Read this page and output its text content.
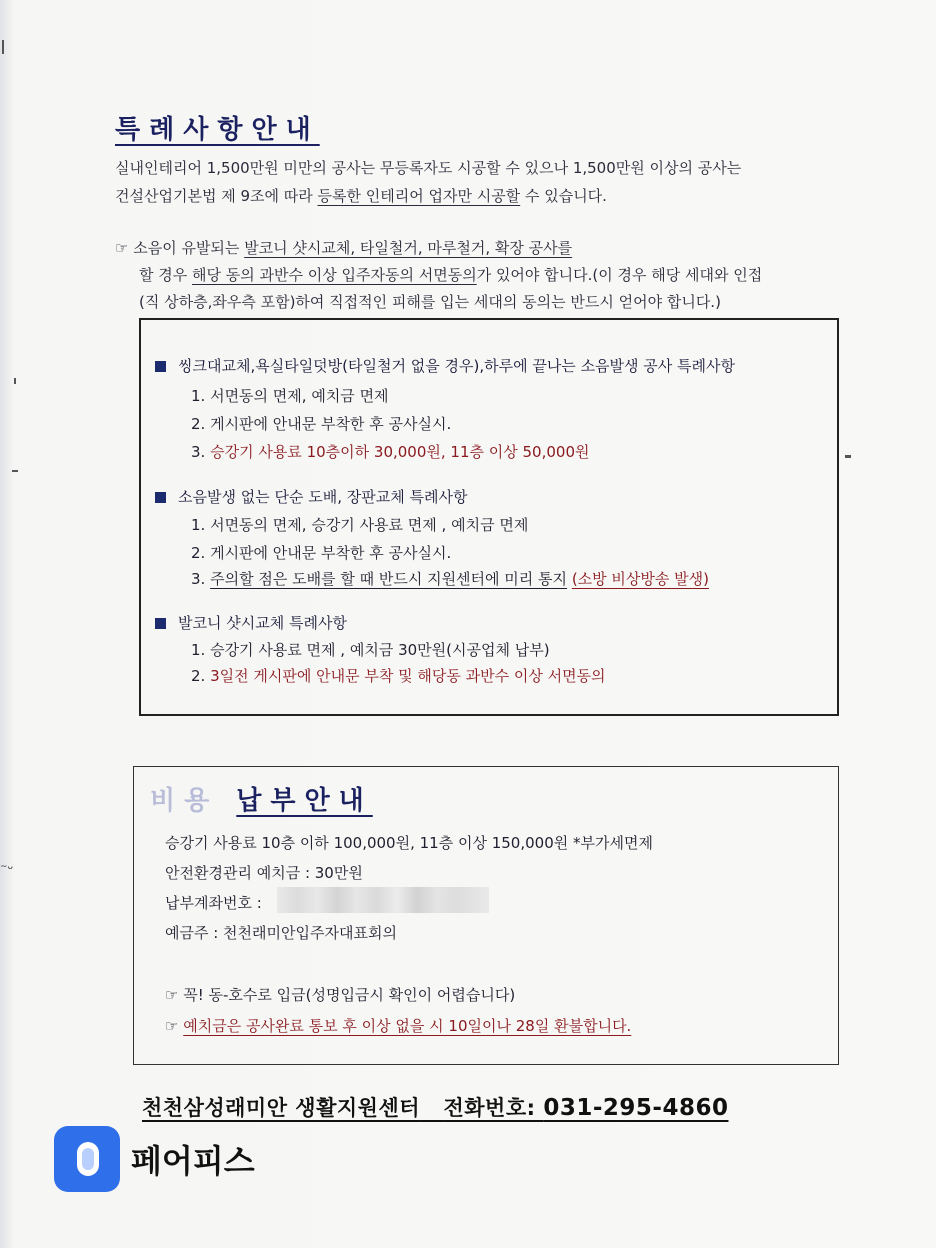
~ᴗ
특례사항안내
실내인테리어 1,500만원 미만의 공사는 무등록자도 시공할 수 있으나 1,500만원 이상의 공사는
건설산업기본법 제 9조에 따라 등록한 인테리어 업자만 시공할 수 있습니다.
☞ 소음이 유발되는 발코니 샷시교체, 타일철거, 마루철거, 확장 공사를
할 경우 해당 동의 과반수 이상 입주자동의 서면동의가 있어야 합니다.(이 경우 해당 세대와 인접
(직 상하층,좌우측 포함)하여 직접적인 피해를 입는 세대의 동의는 반드시 얻어야 합니다.)
씽크대교체,욕실타일덧방(타일철거 없을 경우),하루에 끝나는 소음발생 공사 특례사항
1. 서면동의 면제, 예치금 면제
2. 게시판에 안내문 부착한 후 공사실시.
3. 승강기 사용료 10층이하 30,000원, 11층 이상 50,000원
소음발생 없는 단순 도배, 장판교체 특례사항
1. 서면동의 면제, 승강기 사용료 면제 , 예치금 면제
2. 게시판에 안내문 부착한 후 공사실시.
3. 주의할 점은 도배를 할 때 반드시 지원센터에 미리 통지 (소방 비상방송 발생)
발코니 샷시교체 특례사항
1. 승강기 사용료 면제 , 예치금 30만원(시공업체 납부)
2. 3일전 게시판에 안내문 부착 및 해당동 과반수 이상 서면동의
비용 납부안내
승강기 사용료 10층 이하 100,000원, 11층 이상 150,000원 *부가세면제
안전환경관리 예치금 : 30만원
납부계좌번호 :
예금주 : 천천래미안입주자대표회의
☞ 꼭! 동-호수로 입금(성명입금시 확인이 어렵습니다)
☞ 예치금은 공사완료 통보 후 이상 없을 시 10일이나 28일 환불합니다.
천천삼성래미안 생활지원센터 전화번호: 031-295-4860
페어피스
